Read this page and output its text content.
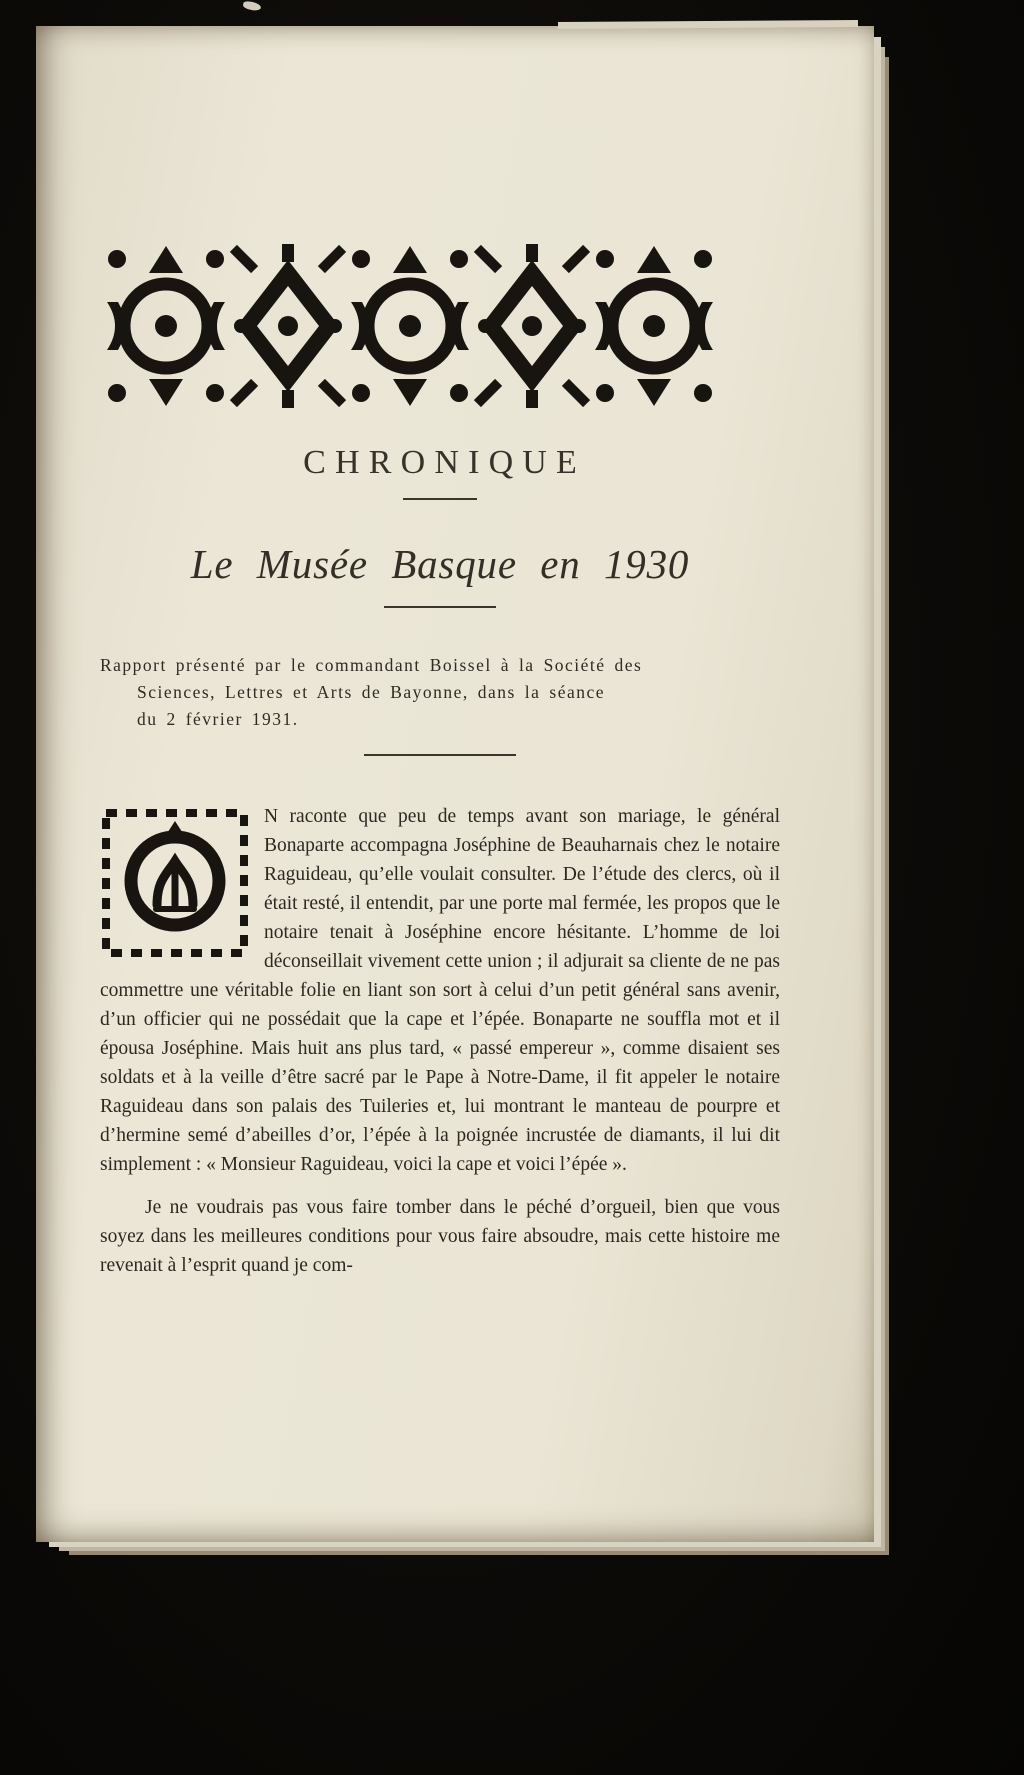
CHRONIQUE
Le Musée Basque en 1930
Rapport présenté par le commandant Boissel à la Société des
Sciences, Lettres et Arts de Bayonne, dans la séance
du 2 février 1931.

N raconte que peu de temps avant son mariage, le général Bonaparte accompagna Joséphine de Beauharnais chez le notaire Raguideau, qu’elle voulait consulter. De l’étude des clercs, où il était resté, il entendit, par une porte mal fermée, les propos que le notaire tenait à Joséphine encore hésitante. L’homme de loi déconseillait vivement cette union ; il adjurait sa cliente de ne pas commettre une véritable folie en liant son sort à celui d’un petit général sans avenir, d’un officier qui ne possédait que la cape et l’épée. Bonaparte ne souffla mot et il épousa Joséphine. Mais huit ans plus tard, « passé empereur », comme disaient ses soldats et à la veille d’être sacré par le Pape à Notre-Dame, il fit appeler le notaire Raguideau dans son palais des Tuileries et, lui montrant le manteau de pourpre et d’hermine semé d’abeilles d’or, l’épée à la poignée incrustée de diamants, il lui dit simplement : « Monsieur Raguideau, voici la cape et voici l’épée ».

Je ne voudrais pas vous faire tomber dans le péché d’orgueil, bien que vous soyez dans les meilleures conditions pour vous faire absoudre, mais cette histoire me revenait à l’esprit quand je com-
